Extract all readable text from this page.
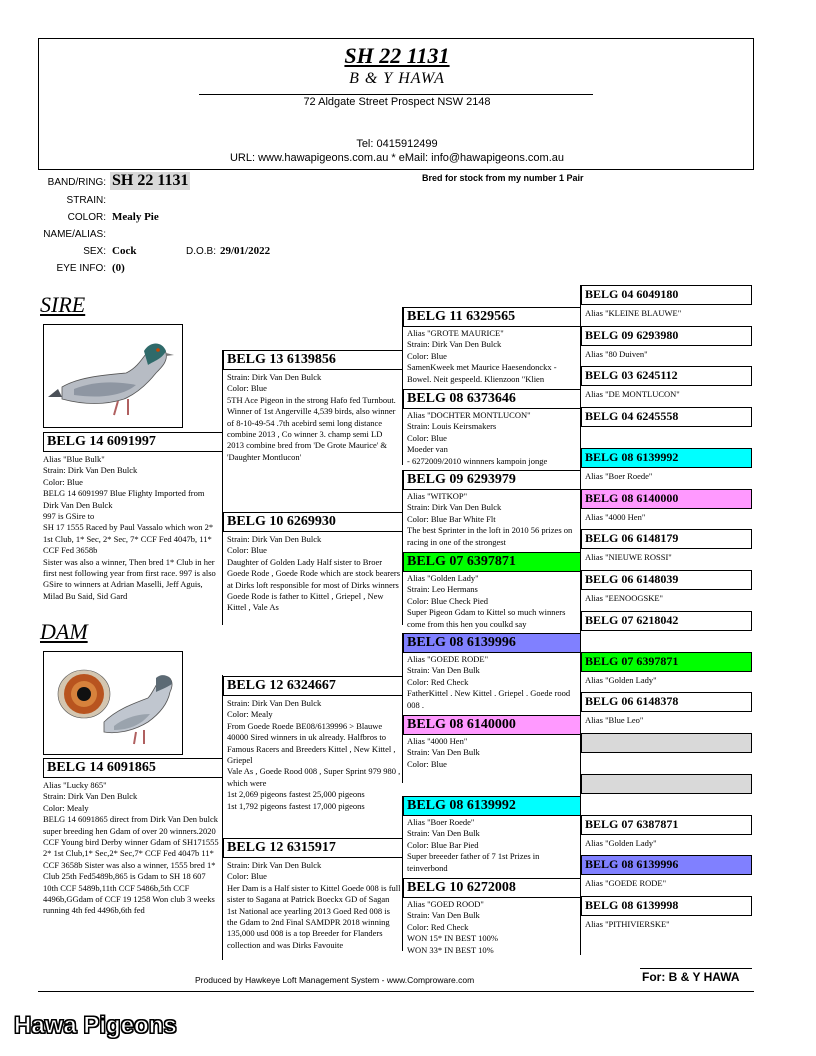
SH 22 1131
B & Y HAWA
72 Aldgate Street Prospect NSW 2148
Tel: 0415912499
URL: www.hawapigeons.com.au * eMail: info@hawapigeons.com.au
BAND/RING: SH 22 1131	Bred for stock from my number 1 Pair
STRAIN:
COLOR: Mealy Pie
NAME/ALIAS:
SEX: Cock	D.O.B: 29/01/2022
EYE INFO: (0)
SIRE
DAM
BELG 14 6091997
Alias "Blue Bulk"
Strain: Dirk Van Den Bulck
Color: Blue
BELG 14 6091997 Blue Flighty Imported from Dirk Van Den Bulck
997 is GSire to
SH 17 1555 Raced by Paul Vassalo which won 2* 1st Club, 1* Sec, 2* Sec, 7* CCF Fed 4047b, 11* CCF Fed 3658b
Sister was also a winner, Then bred 1* Club in her first nest following year from first race. 997 is also GSire to winners at Adrian Maselli, Jeff Aguis, Milad Bu Said, Sid Gard
BELG 14 6091865
Alias "Lucky 865"
Strain: Dirk Van Den Bulck
Color: Mealy
BELG 14 6091865 direct from Dirk Van Den bulck super breeding hen Gdam of over 20 winners.2020 CCF Young bird Derby winner Gdam of SH171555 2* 1st Club,1* Sec,2* Sec,7* CCF Fed 4047b 11* CCF 3658b Sister was also a winner, 1555 bred 1* Club 25th Fed5489b,865 is Gdam to SH 18 607 10th CCF 5489b,11th CCF 5486b,5th CCF 4496b,GGdam of CCF 19 1258 Won club 3 weeks running 4th fed 4496b,6th fed
BELG 13 6139856
Strain: Dirk Van Den Bulck
Color: Blue
5TH Ace Pigeon in the strong Hafo fed Turnbout.
Winner of 1st Angerville 4,539 birds, also winner of 8-10-49-54 .7th acebird semi long distance combine 2013 , Co winner 3. champ semi LD 2013 combine bred from 'De Grote Maurice' & 'Daughter Montlucon'
BELG 10 6269930
Strain: Dirk Van Den Bulck
Color: Blue
Daughter of Golden Lady Half sister to Broer Goede Rode , Goede Rode which are stock bearers at Dirks loft responsible for most of Dirks winners Goede Rode is father to Kittel , Griepel , New Kittel , Vale As
BELG 12 6324667
Strain: Dirk Van Den Bulck
Color: Mealy
From Goede Roede BE08/6139996 > Blauwe 40000 Sired winners in uk already. Halfbros to Famous Racers and Breeders Kittel , New Kittel , Griepel
Vale As , Goede Rood 008 , Super Sprint 979 980 , which were
1st 2,069 pigeons fastest 25,000 pigeons
1st 1,792 pigeons fastest 17,000 pigeons
BELG 12 6315917
Strain: Dirk Van Den Bulck
Color: Blue
Her Dam is a Half sister to Kittel Goede 008 is full sister to Sagana at Patrick Boeckx GD of Sagan 1st National ace yearling 2013 Goed Red 008 is the Gdam to 2nd Final SAMDPR 2018 winning 135,000 usd 008 is a top Breeder for Flanders collection and was Dirks Favouite
BELG 11 6329565
Alias "GROTE MAURICE"
Strain: Dirk Van Den Bulck
Color: Blue
SamenKweek met Maurice Haesendonckx - Bowel. Neit gespeeld. Klienzoon "Klien
BELG 08 6373646
Alias "DOCHTER MONTLUCON"
Strain: Louis Keirsmakers
Color: Blue
Moeder van
- 6272009/2010 winnners kampoin jonge
BELG 09 6293979
Alias "WITKOP"
Strain: Dirk Van Den Bulck
Color: Blue Bar White Flt
The best Sprinter in the loft in 2010 56 prizes on racing in one of the strongest
BELG 07 6397871
Alias "Golden Lady"
Strain: Leo Hermans
Color: Blue Check Pied
Super Pigeon Gdam to Kittel so much winners come from this hen you coulkd say
BELG 08 6139996
Alias "GOEDE RODE"
Strain: Van Den Bulk
Color: Red Check
FatherKittel . New Kittel . Griepel . Goede rood 008 .
BELG 08 6140000
Alias "4000 Hen"
Strain: Van Den Bulk
Color: Blue
BELG 08 6139992
Alias "Boer Roede"
Strain: Van Den Bulk
Color: Blue Bar Pied
Super breeeder father of 7 1st Prizes in teinverbond
BELG 10 6272008
Alias "GOED ROOD"
Strain: Van Den Bulk
Color: Red Check
WON 15* IN BEST 100%
WON 33* IN BEST 10%
BELG 04 6049180
Alias "KLEINE BLAUWE"
BELG 09 6293980
Alias "80 Duiven"
BELG 03 6245112
Alias "DE MONTLUCON"
BELG 04 6245558
BELG 08 6139992
Alias "Boer Roede"
BELG 08 6140000
Alias "4000 Hen"
BELG 06 6148179
Alias "NIEUWE ROSSI"
BELG 06 6148039
Alias "EENOOGSKE"
BELG 07 6218042
BELG 07 6397871
Alias "Golden Lady"
BELG 06 6148378
Alias "Blue Leo"
BELG 07 6387871
Alias "Golden Lady"
BELG 08 6139996
Alias "GOEDE RODE"
BELG 08 6139998
Alias "PITHIVIERSKE"
Produced by Hawkeye Loft Management System - www.Comproware.com	For: B & Y HAWA
Hawa Pigeons
